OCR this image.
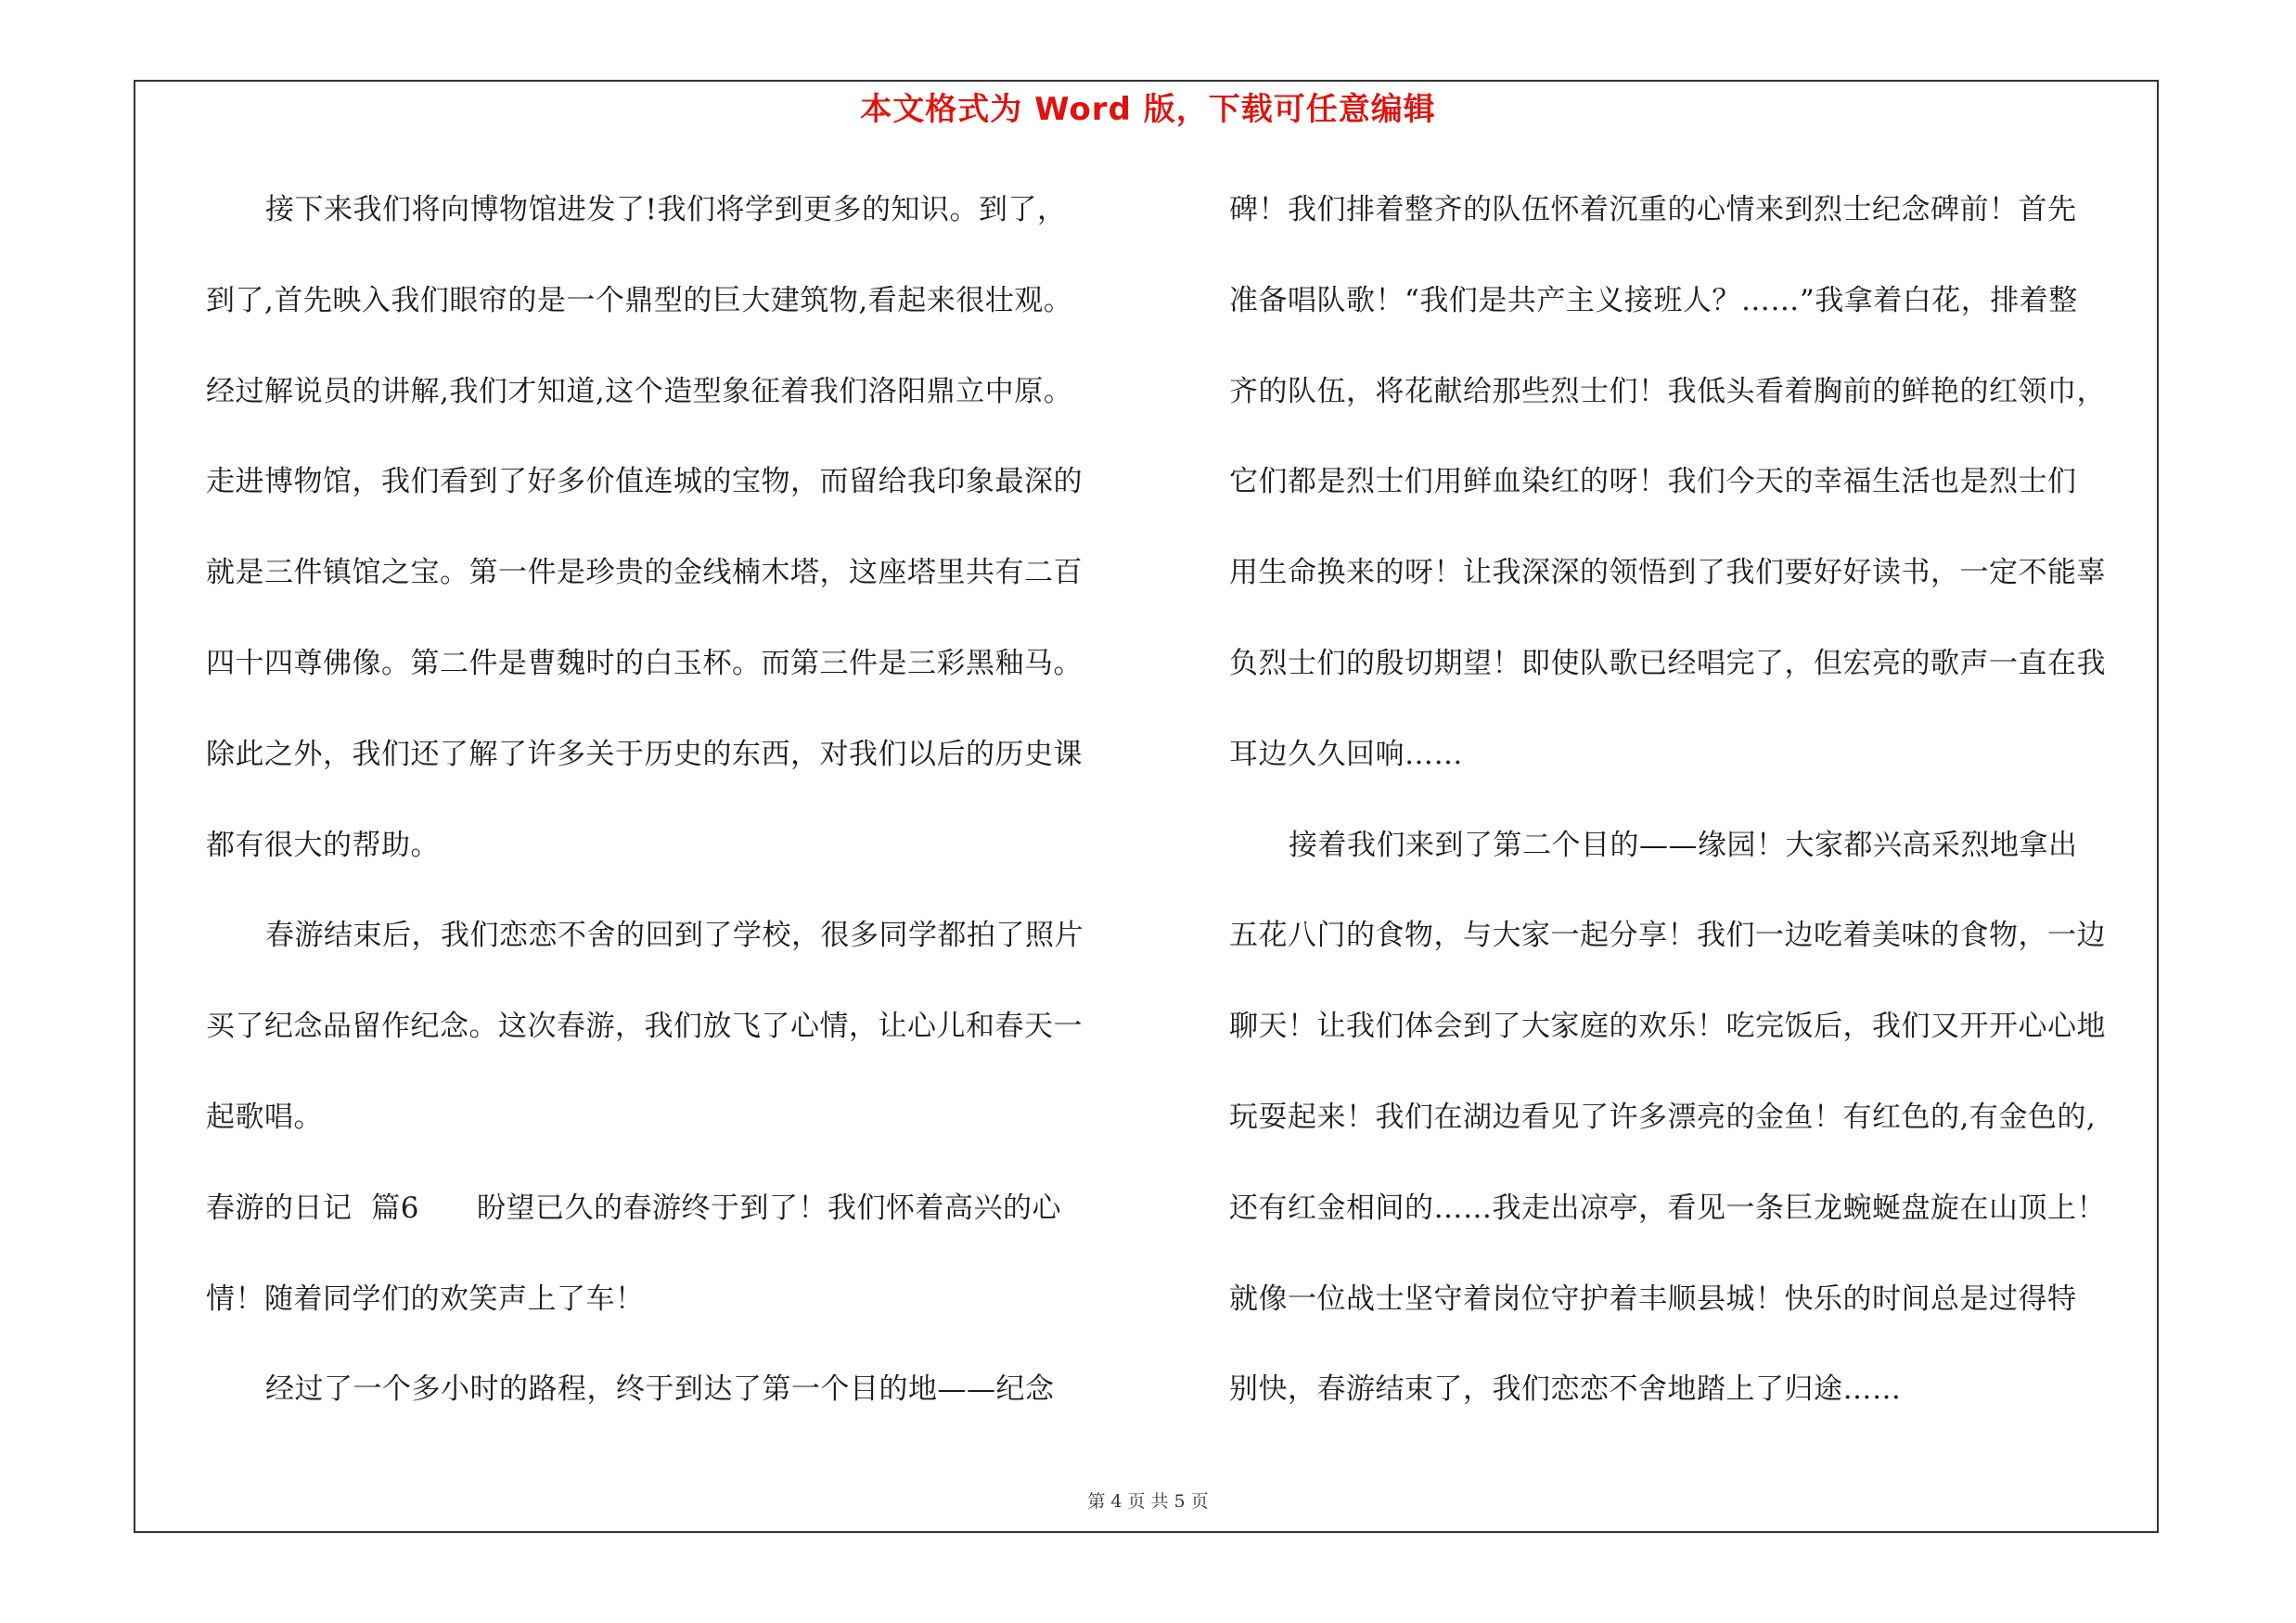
本文格式为 Word 版，下载可任意编辑
接下来我们将向博物馆进发了!我们将学到更多的知识。到了，
到了,首先映入我们眼帘的是一个鼎型的巨大建筑物,看起来很壮观。
经过解说员的讲解,我们才知道,这个造型象征着我们洛阳鼎立中原。
走进博物馆，我们看到了好多价值连城的宝物，而留给我印象最深的
就是三件镇馆之宝。第一件是珍贵的金线楠木塔，这座塔里共有二百
四十四尊佛像。第二件是曹魏时的白玉杯。而第三件是三彩黑釉马。
除此之外，我们还了解了许多关于历史的东西，对我们以后的历史课
都有很大的帮助。
春游结束后，我们恋恋不舍的回到了学校，很多同学都拍了照片
买了纪念品留作纪念。这次春游，我们放飞了心情，让心儿和春天一
起歌唱。
春游的日记  篇6      盼望已久的春游终于到了！我们怀着高兴的心
情！随着同学们的欢笑声上了车！
经过了一个多小时的路程，终于到达了第一个目的地——纪念
碑！我们排着整齐的队伍怀着沉重的心情来到烈士纪念碑前！首先
准备唱队歌！“我们是共产主义接班人？……”我拿着白花，排着整
齐的队伍，将花献给那些烈士们！我低头看着胸前的鲜艳的红领巾，
它们都是烈士们用鲜血染红的呀！我们今天的幸福生活也是烈士们
用生命换来的呀！让我深深的领悟到了我们要好好读书，一定不能辜
负烈士们的殷切期望！即使队歌已经唱完了，但宏亮的歌声一直在我
耳边久久回响……
接着我们来到了第二个目的——缘园！大家都兴高采烈地拿出
五花八门的食物，与大家一起分享！我们一边吃着美味的食物，一边
聊天！让我们体会到了大家庭的欢乐！吃完饭后，我们又开开心心地
玩耍起来！我们在湖边看见了许多漂亮的金鱼！有红色的,有金色的,
还有红金相间的……我走出凉亭，看见一条巨龙蜿蜒盘旋在山顶上！
就像一位战士坚守着岗位守护着丰顺县城！快乐的时间总是过得特
别快，春游结束了，我们恋恋不舍地踏上了归途……
第 4 页 共 5 页
